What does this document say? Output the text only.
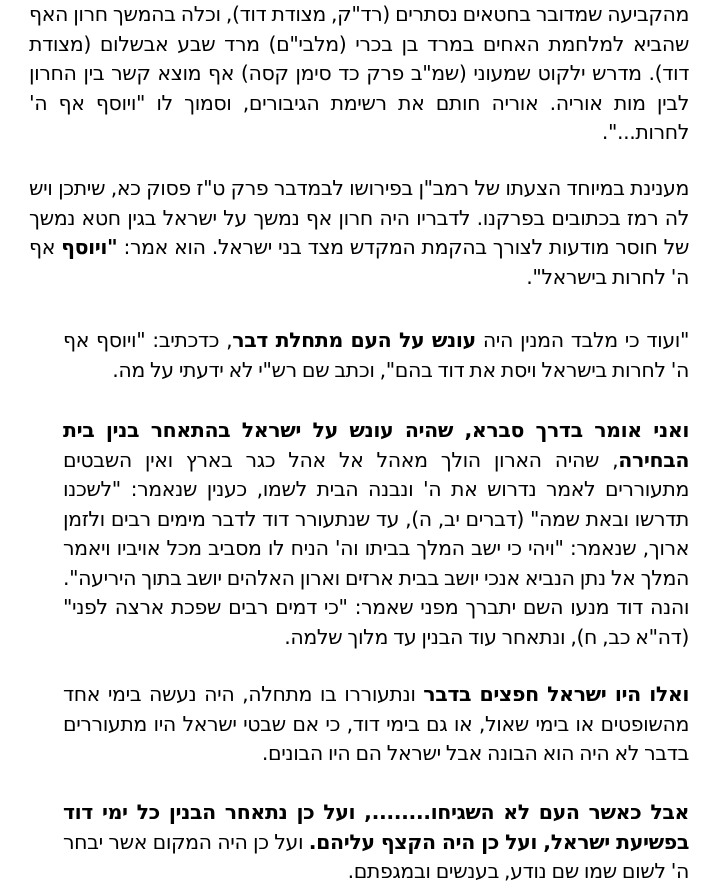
מהקביעה שמדובר בחטאים נסתרים (רד"ק, מצודת דוד), וכלה בהמשך חרון האף שהביא למלחמת האחים במרד בן בכרי (מלבי"ם) מרד שבע אבשלום (מצודת דוד). מדרש ילקוט שמעוני (שמ"ב פרק כד סימן קסה) אף מוצא קשר בין החרון לבין מות אוריה. אוריה חותם את רשימת הגיבורים, וסמוך לו "ויוסף אף ה' לחרות...".

מענינת במיוחד הצעתו של רמב"ן בפירושו לבמדבר פרק ט"ז פסוק כא, שיתכן ויש לה רמז בכתובים בפרקנו. לדבריו היה חרון אף נמשך על ישראל בגין חטא נמשך של חוסר מודעות לצורך בהקמת המקדש מצד בני ישראל. הוא אמר: "ויוסף אף ה' לחרות בישראל".

"ועוד כי מלבד המנין היה עונש על העם מתחלת דבר, כדכתיב: "ויוסף אף ה' לחרות בישראל ויסת את דוד בהם", וכתב שם רש"י לא ידעתי על מה.

ואני אומר בדרך סברא, שהיה עונש על ישראל בהתאחר בנין בית הבחירה, שהיה הארון הולך מאהל אל אהל כגר בארץ ואין השבטים מתעוררים לאמר נדרוש את ה' ונבנה הבית לשמו, כענין שנאמר: "לשכנו תדרשו ובאת שמה" (דברים יב, ה), עד שנתעורר דוד לדבר מימים רבים ולזמן ארוך, שנאמר: "ויהי כי ישב המלך בביתו וה' הניח לו מסביב מכל אויביו ויאמר המלך אל נתן הנביא אנכי יושב בבית ארזים וארון האלהים יושב בתוך היריעה". והנה דוד מנעו השם יתברך מפני שאמר: "כי דמים רבים שפכת ארצה לפני" (דה"א כב, ח), ונתאחר עוד הבנין עד מלוך שלמה.

ואלו היו ישראל חפצים בדבר ונתעוררו בו מתחלה, היה נעשה בימי אחד מהשופטים או בימי שאול, או גם בימי דוד, כי אם שבטי ישראל היו מתעוררים בדבר לא היה הוא הבונה אבל ישראל הם היו הבונים.

אבל כאשר העם לא השגיחו........, ועל כן נתאחר הבנין כל ימי דוד בפשיעת ישראל, ועל כן היה הקצף עליהם. ועל כן היה המקום אשר יבחר ה' לשום שמו שם נודע, בענשים ובמגפתם.
